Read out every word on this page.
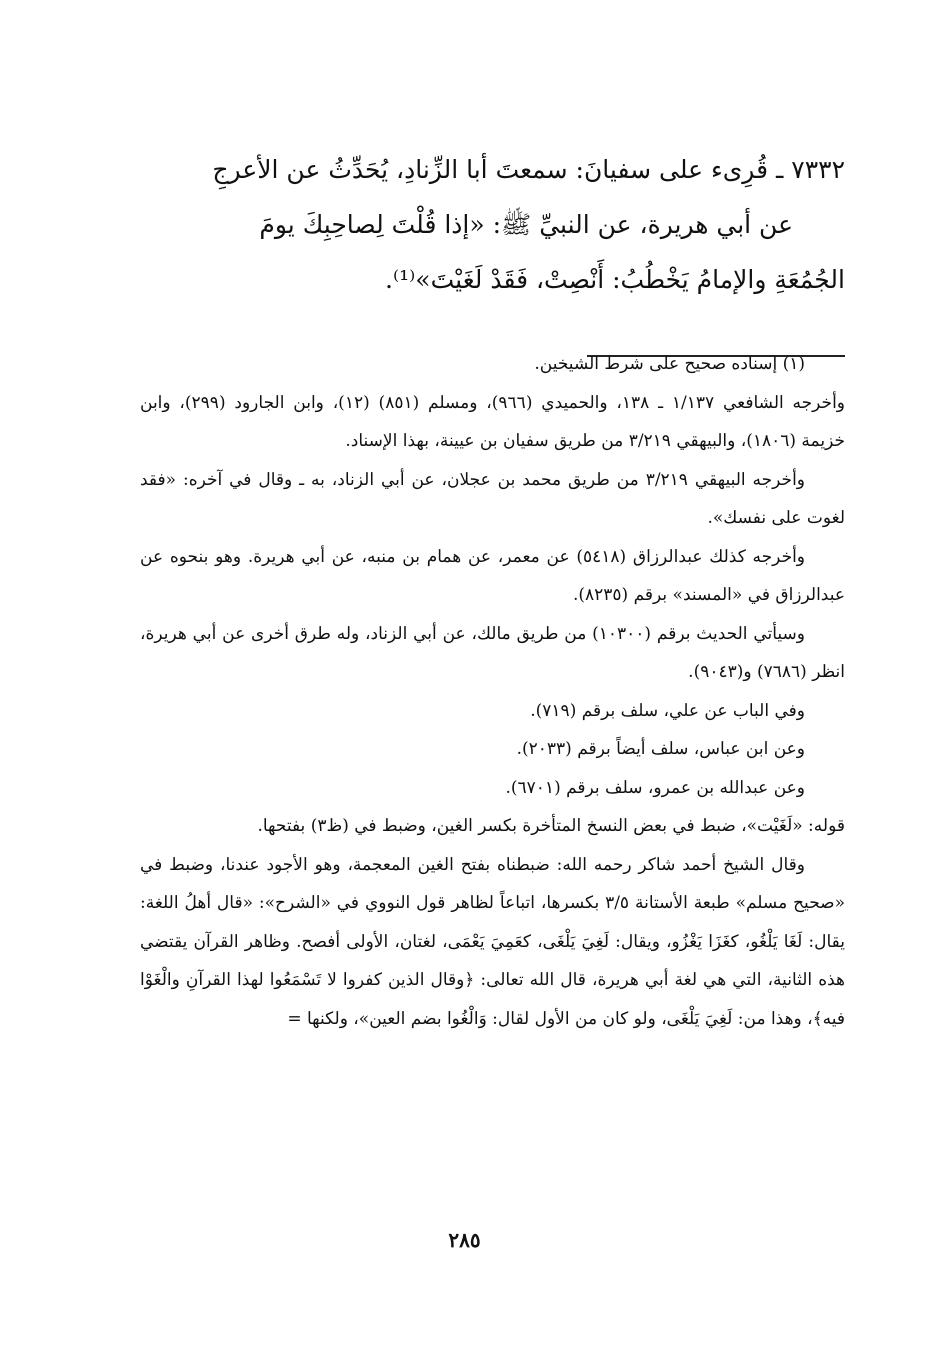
٧٣٣٢ ـ قُرِىء على سفيانَ: سمعتَ أبا الزِّنادِ، يُحَدِّثُ عن الأعرجِ
عن أبي هريرة، عن النبيِّ ﷺ: «إذا قُلْتَ لِصاحِبِكَ يومَ
الجُمُعَةِ والإمامُ يَخْطُبُ: أَنْصِتْ، فَقَدْ لَغَيْتَ»⁽¹⁾.
(١) إسناده صحيح على شرط الشيخين.
وأخرجه الشافعي ١/١٣٧ ـ ١٣٨، والحميدي (٩٦٦)، ومسلم (٨٥١) (١٢)، وابن الجارود (٢٩٩)، وابن خزيمة (١٨٠٦)، والبيهقي ٣/٢١٩ من طريق سفيان بن عيينة، بهذا الإسناد.
وأخرجه البيهقي ٣/٢١٩ من طريق محمد بن عجلان، عن أبي الزناد، به ـ وقال في آخره: «فقد لغوت على نفسك».
وأخرجه كذلك عبدالرزاق (٥٤١٨) عن معمر، عن همام بن منبه، عن أبي هريرة. وهو بنحوه عن عبدالرزاق في «المسند» برقم (٨٢٣٥).
وسيأتي الحديث برقم (١٠٣٠٠) من طريق مالك، عن أبي الزناد، وله طرق أخرى عن أبي هريرة، انظر (٧٦٨٦) و(٩٠٤٣).
وفي الباب عن علي، سلف برقم (٧١٩).
وعن ابن عباس، سلف أيضاً برقم (٢٠٣٣).
وعن عبدالله بن عمرو، سلف برقم (٦٧٠١).
قوله: «لَغَيْت»، ضبط في بعض النسخ المتأخرة بكسر الغين، وضبط في (ظ٣) بفتحها.
وقال الشيخ أحمد شاكر رحمه الله: ضبطناه بفتح الغين المعجمة، وهو الأجود عندنا، وضبط في «صحيح مسلم» طبعة الأستانة ٣/٥ بكسرها، اتباعاً لظاهر قول النووي في «الشرح»: «قال أهلُ اللغة: يقال: لَغَا يَلْغُو، كغَزَا يَغْزُو، ويقال: لَغِيَ يَلْغَى، كعَمِيَ يَعْمَى، لغتان، الأولى أفصح. وظاهر القرآن يقتضي هذه الثانية، التي هي لغة أبي هريرة، قال الله تعالى: ﴿وقال الذين كفروا لا تَسْمَعُوا لهذا القرآنِ والْغَوْا فيه﴾، وهذا من: لَغِيَ يَلْغَى، ولو كان من الأول لقال: وَالْغُوا بضم العين»، ولكنها =
٢٨٥
